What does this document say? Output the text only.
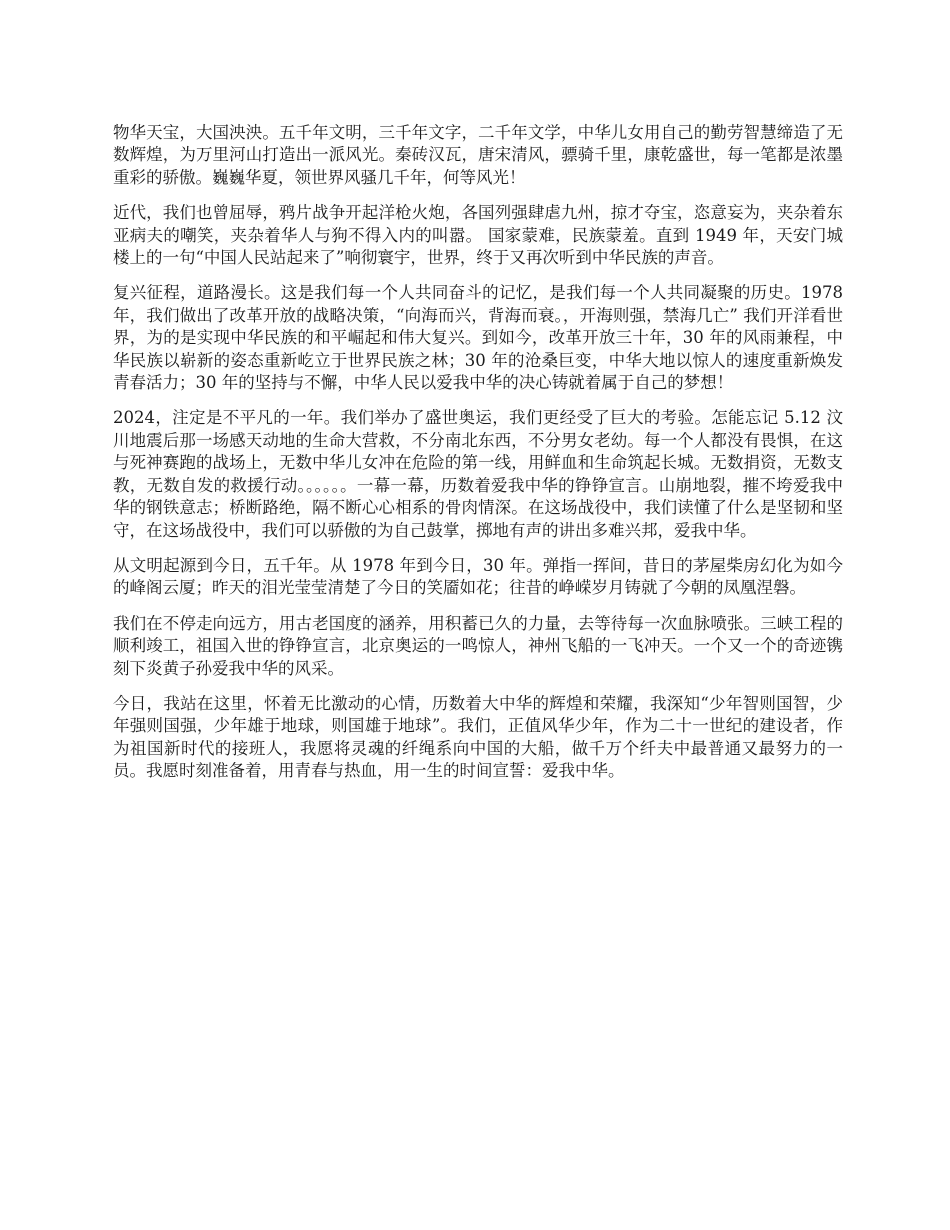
物华天宝，大国泱泱。五千年文明，三千年文字，二千年文学，中华儿女用自己的勤劳智慧缔造了无数辉煌，为万里河山打造出一派风光。秦砖汉瓦，唐宋清风，骠骑千里，康乾盛世，每一笔都是浓墨重彩的骄傲。巍巍华夏，领世界风骚几千年，何等风光！

近代，我们也曾屈辱，鸦片战争开起洋枪火炮，各国列强肆虐九州，掠才夺宝，恣意妄为，夹杂着东亚病夫的嘲笑，夹杂着华人与狗不得入内的叫嚣。 国家蒙难，民族蒙羞。直到 1949 年，天安门城楼上的一句“中国人民站起来了”响彻寰宇，世界，终于又再次听到中华民族的声音。

复兴征程，道路漫长。这是我们每一个人共同奋斗的记忆，是我们每一个人共同凝聚的历史。1978 年，我们做出了改革开放的战略决策，“向海而兴，背海而衰。，开海则强，禁海几亡” 我们开洋看世界，为的是实现中华民族的和平崛起和伟大复兴。到如今，改革开放三十年，30 年的风雨兼程，中华民族以崭新的姿态重新屹立于世界民族之林；30 年的沧桑巨变，中华大地以惊人的速度重新焕发青春活力；30 年的坚持与不懈，中华人民以爱我中华的决心铸就着属于自己的梦想！

2024，注定是不平凡的一年。我们举办了盛世奥运，我们更经受了巨大的考验。怎能忘记 5.12 汶川地震后那一场感天动地的生命大营救，不分南北东西，不分男女老幼。每一个人都没有畏惧，在这与死神赛跑的战场上，无数中华儿女冲在危险的第一线，用鲜血和生命筑起长城。无数捐资，无数支教，无数自发的救援行动。。。。。。一幕一幕，历数着爱我中华的铮铮宣言。山崩地裂，摧不垮爱我中华的钢铁意志；桥断路绝，隔不断心心相系的骨肉情深。在这场战役中，我们读懂了什么是坚韧和坚守，在这场战役中，我们可以骄傲的为自己鼓掌，掷地有声的讲出多难兴邦，爱我中华。

从文明起源到今日，五千年。从 1978 年到今日，30 年。弹指一挥间，昔日的茅屋柴房幻化为如今的峰阁云厦；昨天的泪光莹莹清楚了今日的笑靥如花；往昔的峥嵘岁月铸就了今朝的凤凰涅磐。

我们在不停走向远方，用古老国度的涵养，用积蓄已久的力量，去等待每一次血脉喷张。三峡工程的顺利竣工，祖国入世的铮铮宣言，北京奥运的一鸣惊人，神州飞船的一飞冲天。一个又一个的奇迹镌刻下炎黄子孙爱我中华的风采。

今日，我站在这里，怀着无比激动的心情，历数着大中华的辉煌和荣耀，我深知“少年智则国智，少年强则国强，少年雄于地球，则国雄于地球”。我们，正值风华少年，作为二十一世纪的建设者，作为祖国新时代的接班人，我愿将灵魂的纤绳系向中国的大船，做千万个纤夫中最普通又最努力的一员。我愿时刻准备着，用青春与热血，用一生的时间宣誓：爱我中华。
